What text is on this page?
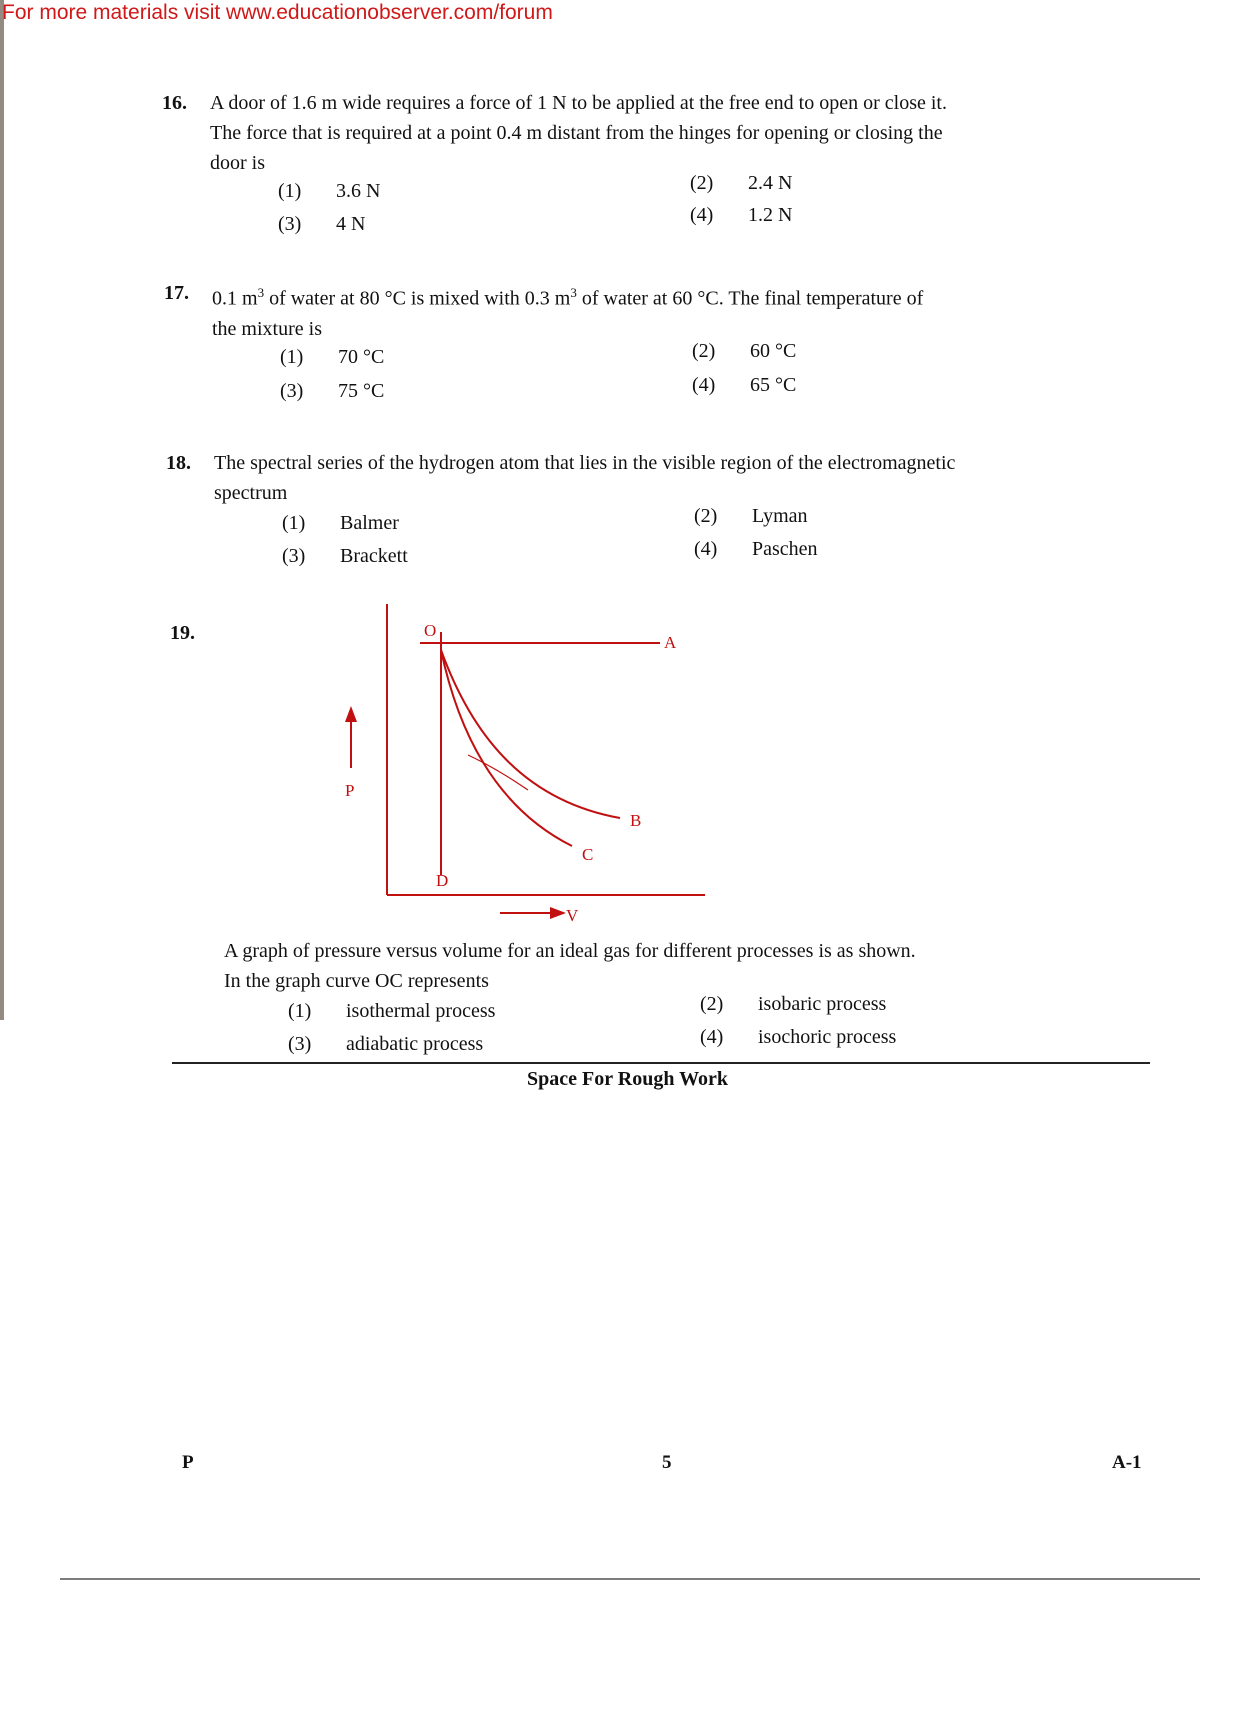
For more materials visit www.educationobserver.com/forum
16. A door of 1.6 m wide requires a force of 1 N to be applied at the free end to open or close it.
The force that is required at a point 0.4 m distant from the hinges for opening or closing the
door is
(1) 3.6 N	(2) 2.4 N
(3) 4 N	(4) 1.2 N
17. 0.1 $m^3$ of water at 80 °C is mixed with 0.3 $m^3$ of water at 60 °C. The final temperature of
the mixture is
(1) 70 °C	(2) 60 °C
(3) 75 °C	(4) 65 °C
18. The spectral series of the hydrogen atom that lies in the visible region of the electromagnetic
spectrum
(1) Balmer	(2) Lyman
(3) Brackett	(4) Paschen
19.	O
A
B
C
D
P
V
A graph of pressure versus volume for an ideal gas for different processes is as shown.
In the graph curve OC represents
(1) isothermal process	(2) isobaric process
(3) adiabatic process	(4) isochoric process
Space For Rough Work
P	5	A-1
